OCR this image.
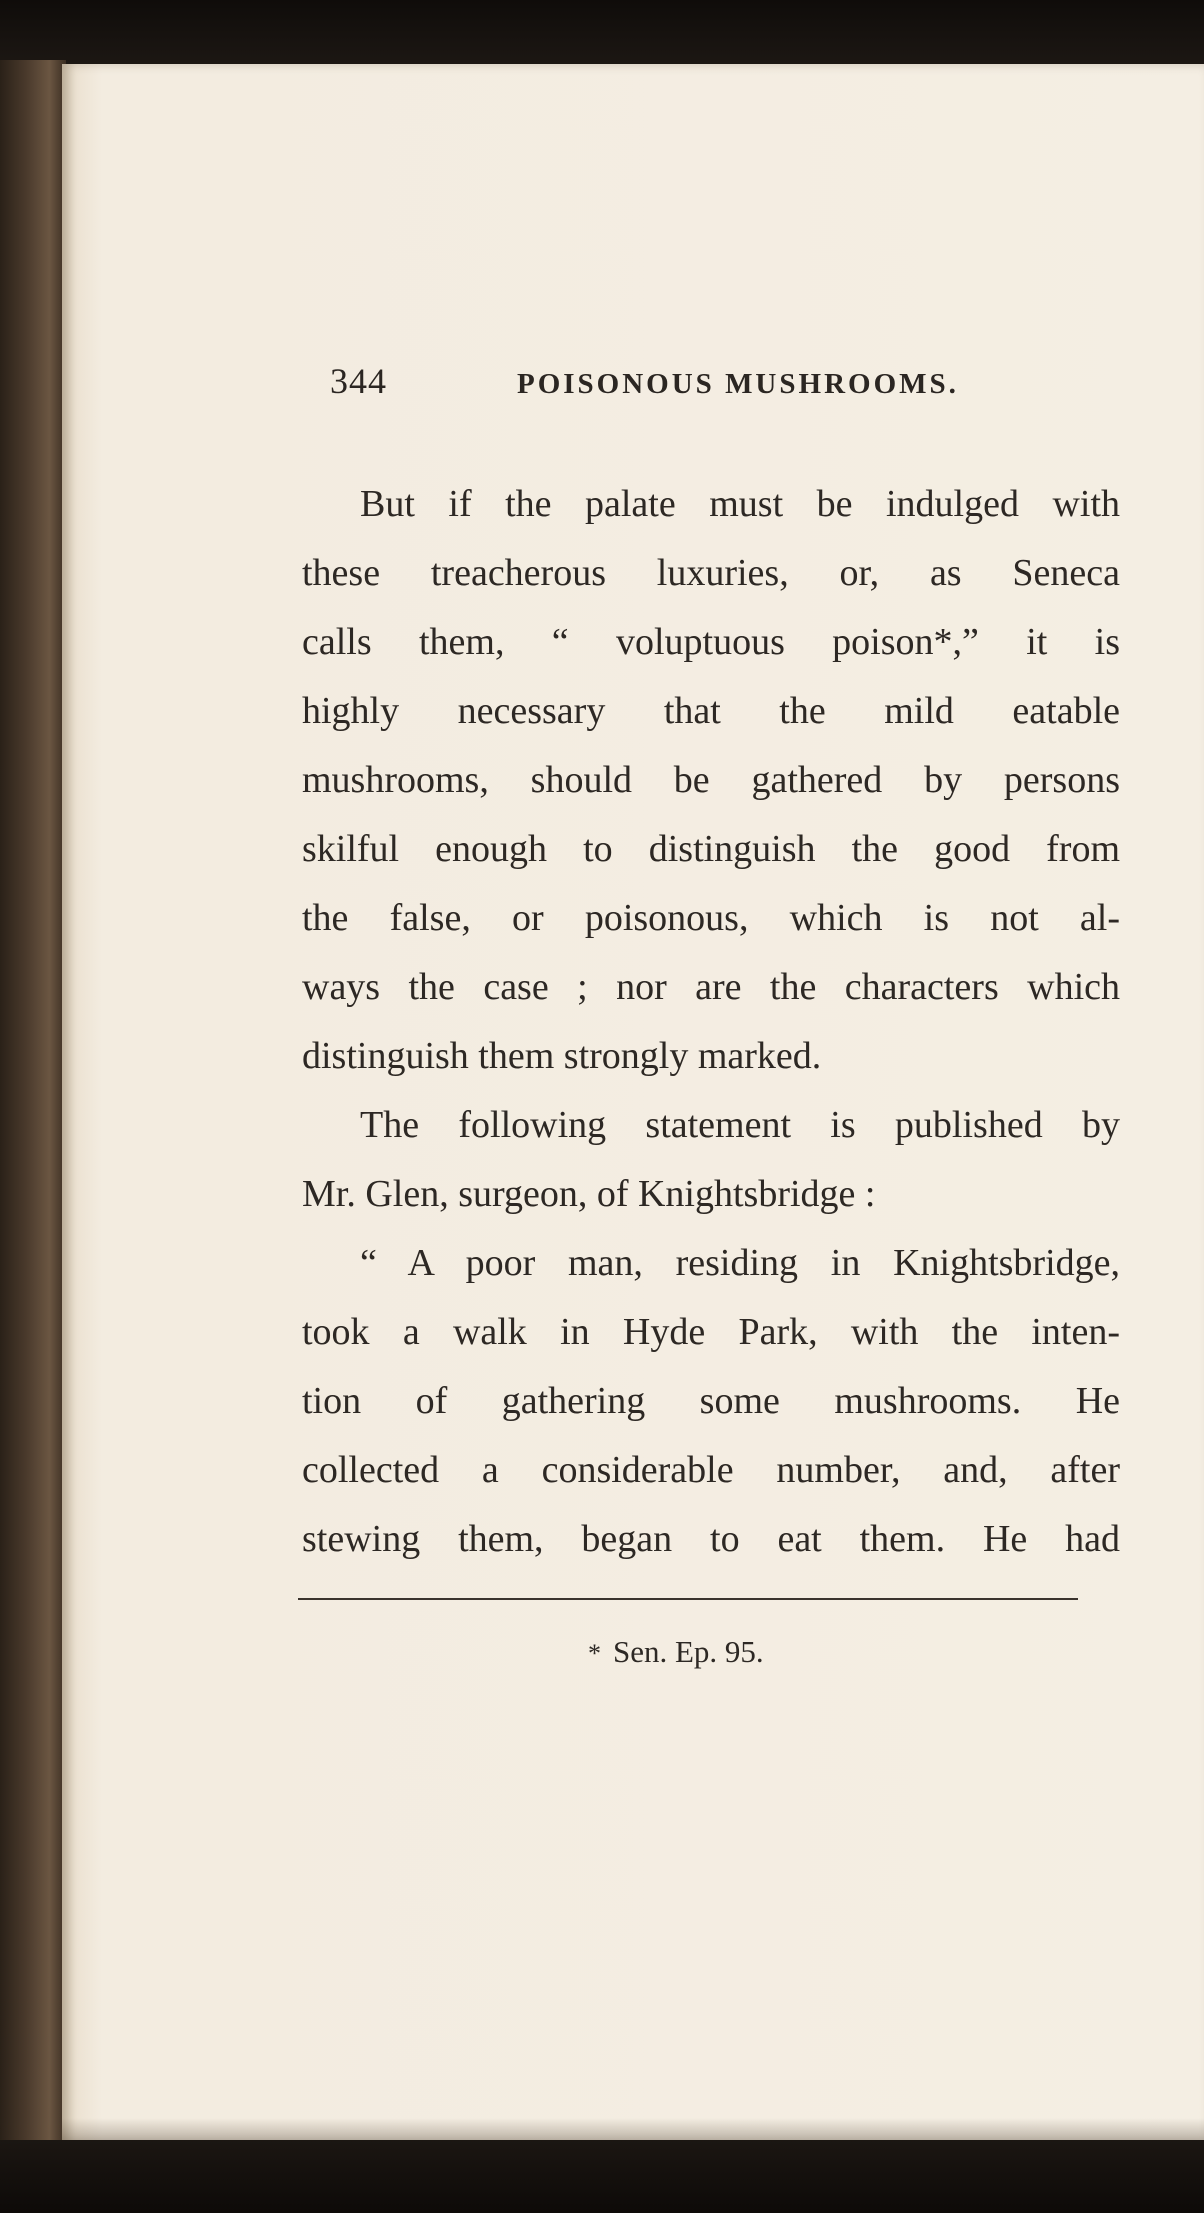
344	POISONOUS MUSHROOMS.
But if the palate must be indulged with
these treacherous luxuries, or, as Seneca
calls them, “ voluptuous poison*,” it is
highly necessary that the mild eatable
mushrooms, should be gathered by persons
skilful enough to distinguish the good from
the false, or poisonous, which is not al-
ways the case ; nor are the characters which
distinguish them strongly marked.
The following statement is published by
Mr. Glen, surgeon, of Knightsbridge :
“ A poor man, residing in Knightsbridge,
took a walk in Hyde Park, with the inten-
tion of gathering some mushrooms. He
collected a considerable number, and, after
stewing them, began to eat them. He had
* Sen. Ep. 95.
